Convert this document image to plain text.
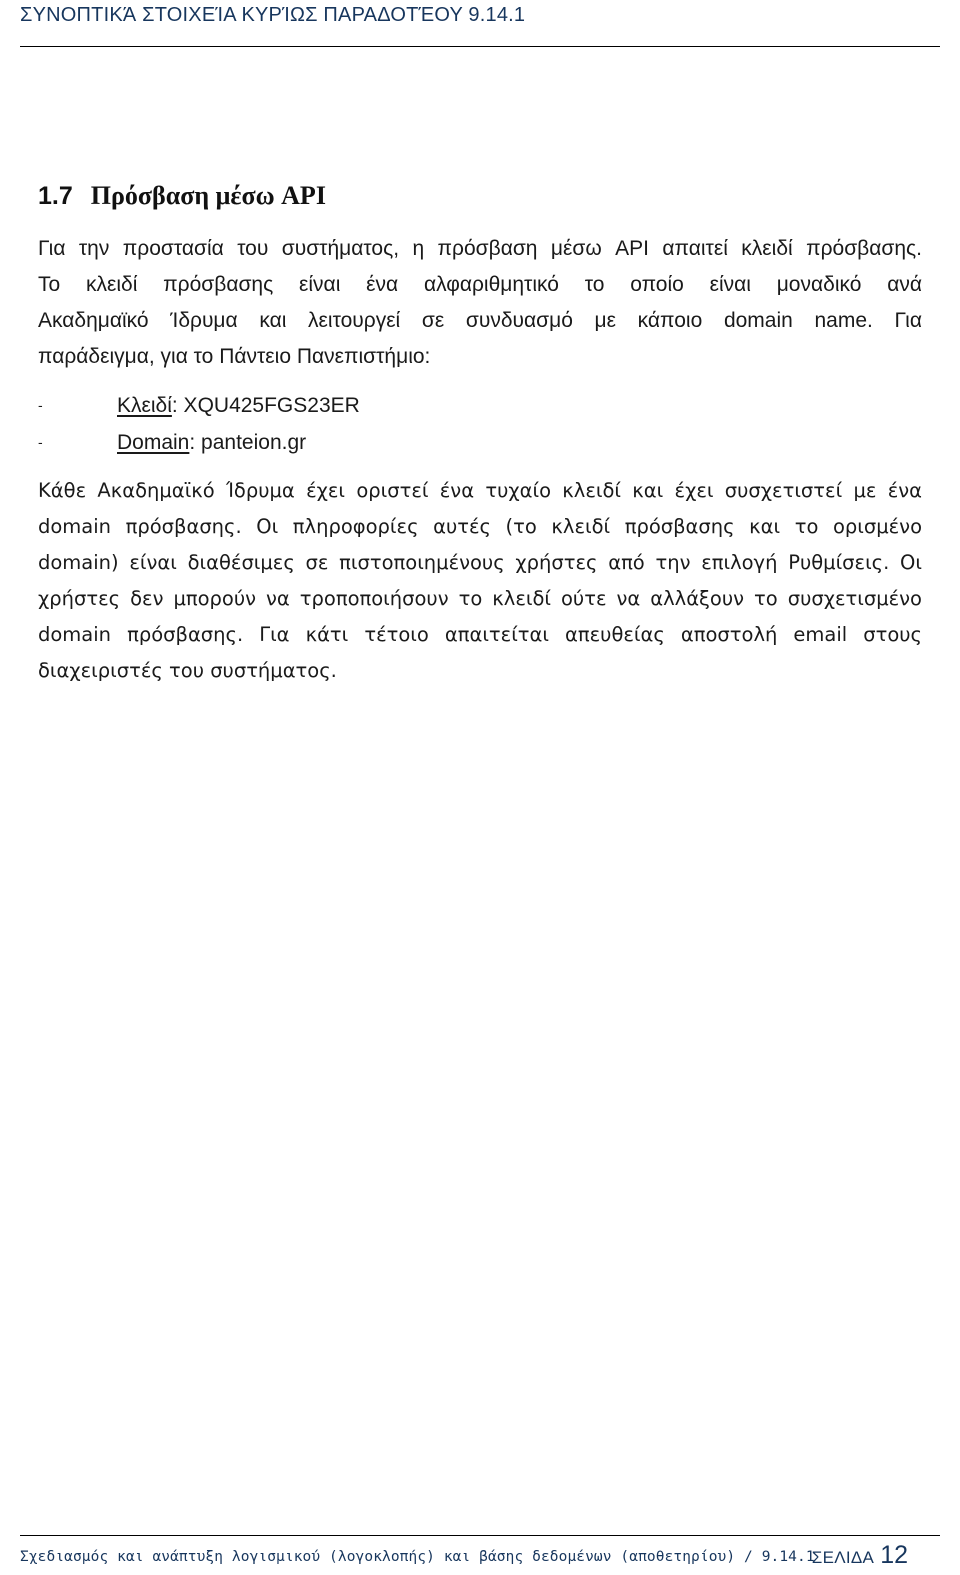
ΣΥΝΟΠΤΙΚΆ ΣΤΟΙΧΕΊΑ ΚΥΡΊΩΣ ΠΑΡΑΔΟΤΈΟΥ 9.14.1
1.7 Πρόσβαση μέσω API
Για την προστασία του συστήματος, η πρόσβαση μέσω API απαιτεί κλειδί πρόσβασης.
Το κλειδί πρόσβασης είναι ένα αλφαριθμητικό το οποίο είναι μοναδικό ανά
Ακαδημαϊκό Ίδρυμα και λειτουργεί σε συνδυασμό με κάποιο domain name. Για
παράδειγμα, για το Πάντειο Πανεπιστήμιο:
-	Κλειδί: XQU425FGS23ER
-	Domain: panteion.gr
Κάθε Ακαδημαϊκό Ίδρυμα έχει οριστεί ένα τυχαίο κλειδί και έχει συσχετιστεί με ένα
domain πρόσβασης. Οι πληροφορίες αυτές (το κλειδί πρόσβασης και το ορισμένο
domain) είναι διαθέσιμες σε πιστοποιημένους χρήστες από την επιλογή Ρυθμίσεις. Οι
χρήστες δεν μπορούν να τροποποιήσουν το κλειδί ούτε να αλλάξουν το συσχετισμένο
domain πρόσβασης. Για κάτι τέτοιο απαιτείται απευθείας αποστολή email στους
διαχειριστές του συστήματος.
Σχεδιασμός και ανάπτυξη λογισμικού (λογοκλοπής) και βάσης δεδομένων (αποθετηρίου) / 9.14.1
ΣΕΛΙΔΑ 12
